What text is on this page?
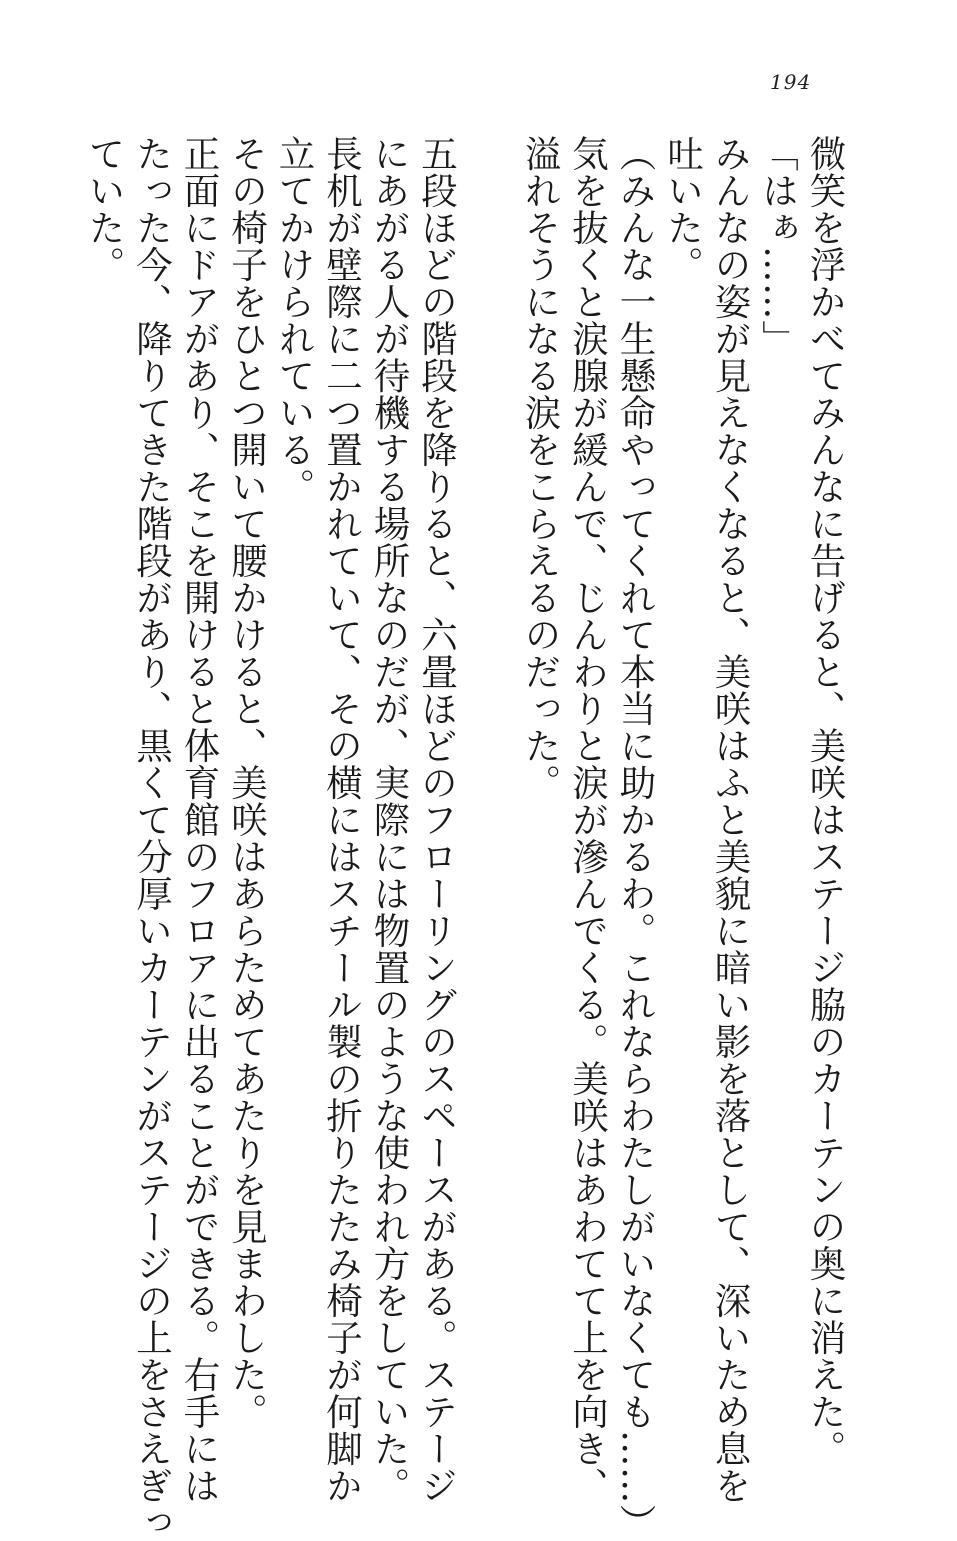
194
微笑を浮かべてみんなに告げると、美咲はステージ脇のカーテンの奥に消えた。
「はぁ……」
みんなの姿が見えなくなると、美咲はふと美貌に暗い影を落として、深いため息を
吐いた。
（みんな一生懸命やってくれて本当に助かるわ。これならわたしがいなくても……）
気を抜くと涙腺が緩んで、じんわりと涙が滲んでくる。美咲はあわてて上を向き、
溢れそうになる涙をこらえるのだった。
五段ほどの階段を降りると、六畳ほどのフローリングのスペースがある。ステージ
にあがる人が待機する場所なのだが、実際には物置のような使われ方をしていた。
長机が壁際に二つ置かれていて、その横にはスチール製の折りたたみ椅子が何脚か
立てかけられている。
その椅子をひとつ開いて腰かけると、美咲はあらためてあたりを見まわした。
正面にドアがあり、そこを開けると体育館のフロアに出ることができる。右手には
たった今、降りてきた階段があり、黒くて分厚いカーテンがステージの上をさえぎっ
ていた。
